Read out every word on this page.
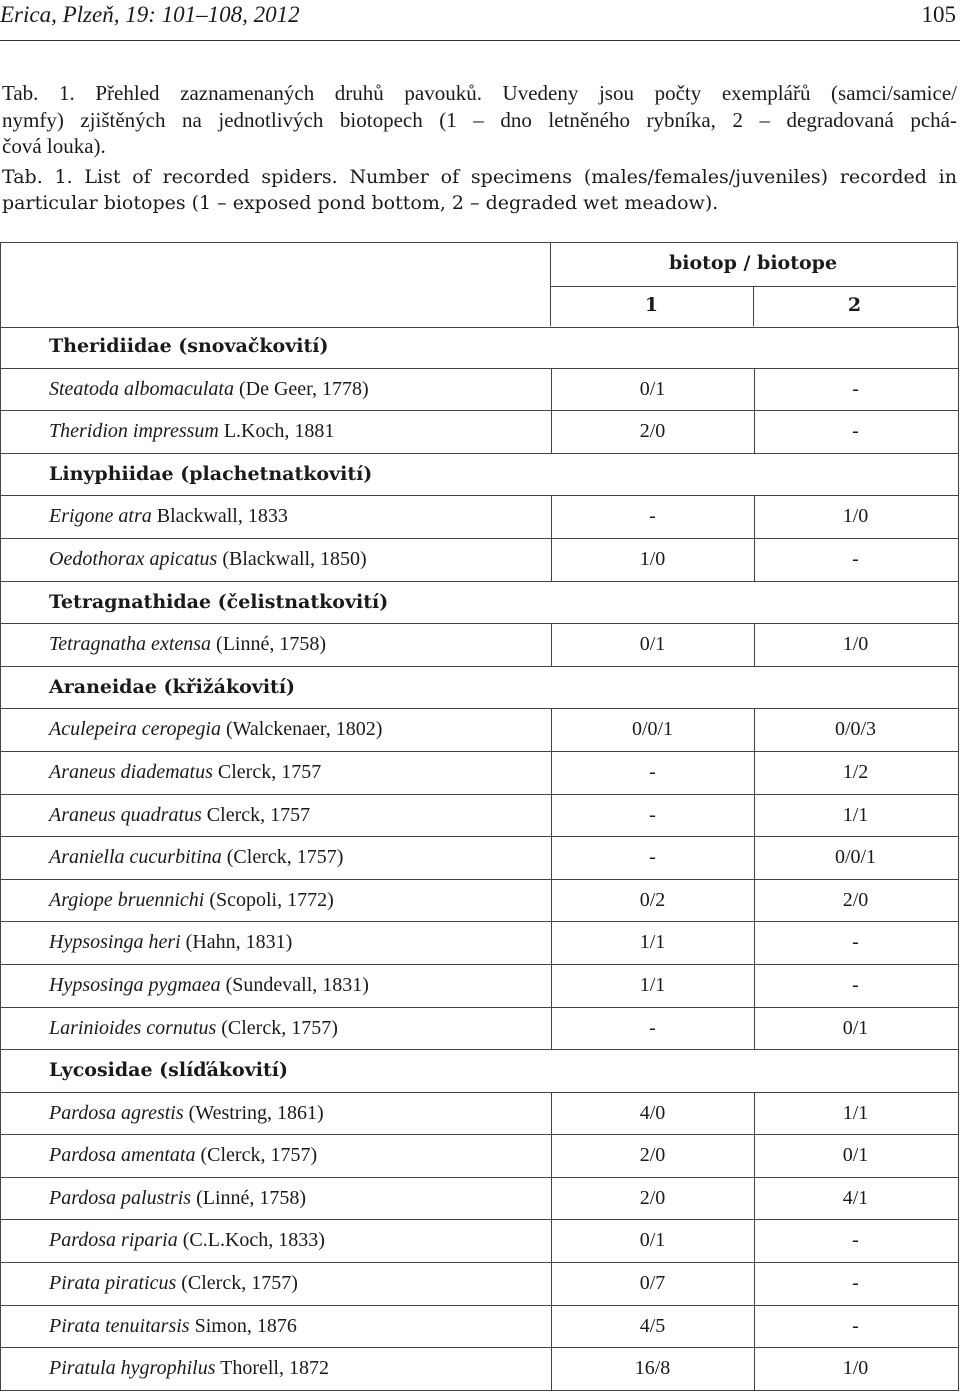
Erica, Plzeň, 19: 101–108, 2012	105
Tab. 1. Přehled zaznamenaných druhů pavouků. Uvedeny jsou počty exemplářů (samci/samice/
nymfy) zjištěných na jednotlivých biotopech (1 – dno letněného rybníka, 2 – degradovaná pchá-
čová louka).
Tab. 1. List of recorded spiders. Number of specimens (males/females/juveniles) recorded in
particular biotopes (1 – exposed pond bottom, 2 – degraded wet meadow).
biotop / biotope
1	2
Theridiidae (snovačkovití)
Steatoda albomaculata (De Geer, 1778)	0/1	-
Theridion impressum L.Koch, 1881	2/0	-
Linyphiidae (plachetnatkovití)
Erigone atra Blackwall, 1833	-	1/0
Oedothorax apicatus (Blackwall, 1850)	1/0	-
Tetragnathidae (čelistnatkovití)
Tetragnatha extensa (Linné, 1758)	0/1	1/0
Araneidae (křižákovití)
Aculepeira ceropegia (Walckenaer, 1802)	0/0/1	0/0/3
Araneus diadematus Clerck, 1757	-	1/2
Araneus quadratus Clerck, 1757	-	1/1
Araniella cucurbitina (Clerck, 1757)	-	0/0/1
Argiope bruennichi (Scopoli, 1772)	0/2	2/0
Hypsosinga heri (Hahn, 1831)	1/1	-
Hypsosinga pygmaea (Sundevall, 1831)	1/1	-
Larinioides cornutus (Clerck, 1757)	-	0/1
Lycosidae (slíďákovití)
Pardosa agrestis (Westring, 1861)	4/0	1/1
Pardosa amentata (Clerck, 1757)	2/0	0/1
Pardosa palustris (Linné, 1758)	2/0	4/1
Pardosa riparia (C.L.Koch, 1833)	0/1	-
Pirata piraticus (Clerck, 1757)	0/7	-
Pirata tenuitarsis Simon, 1876	4/5	-
Piratula hygrophilus Thorell, 1872	16/8	1/0
